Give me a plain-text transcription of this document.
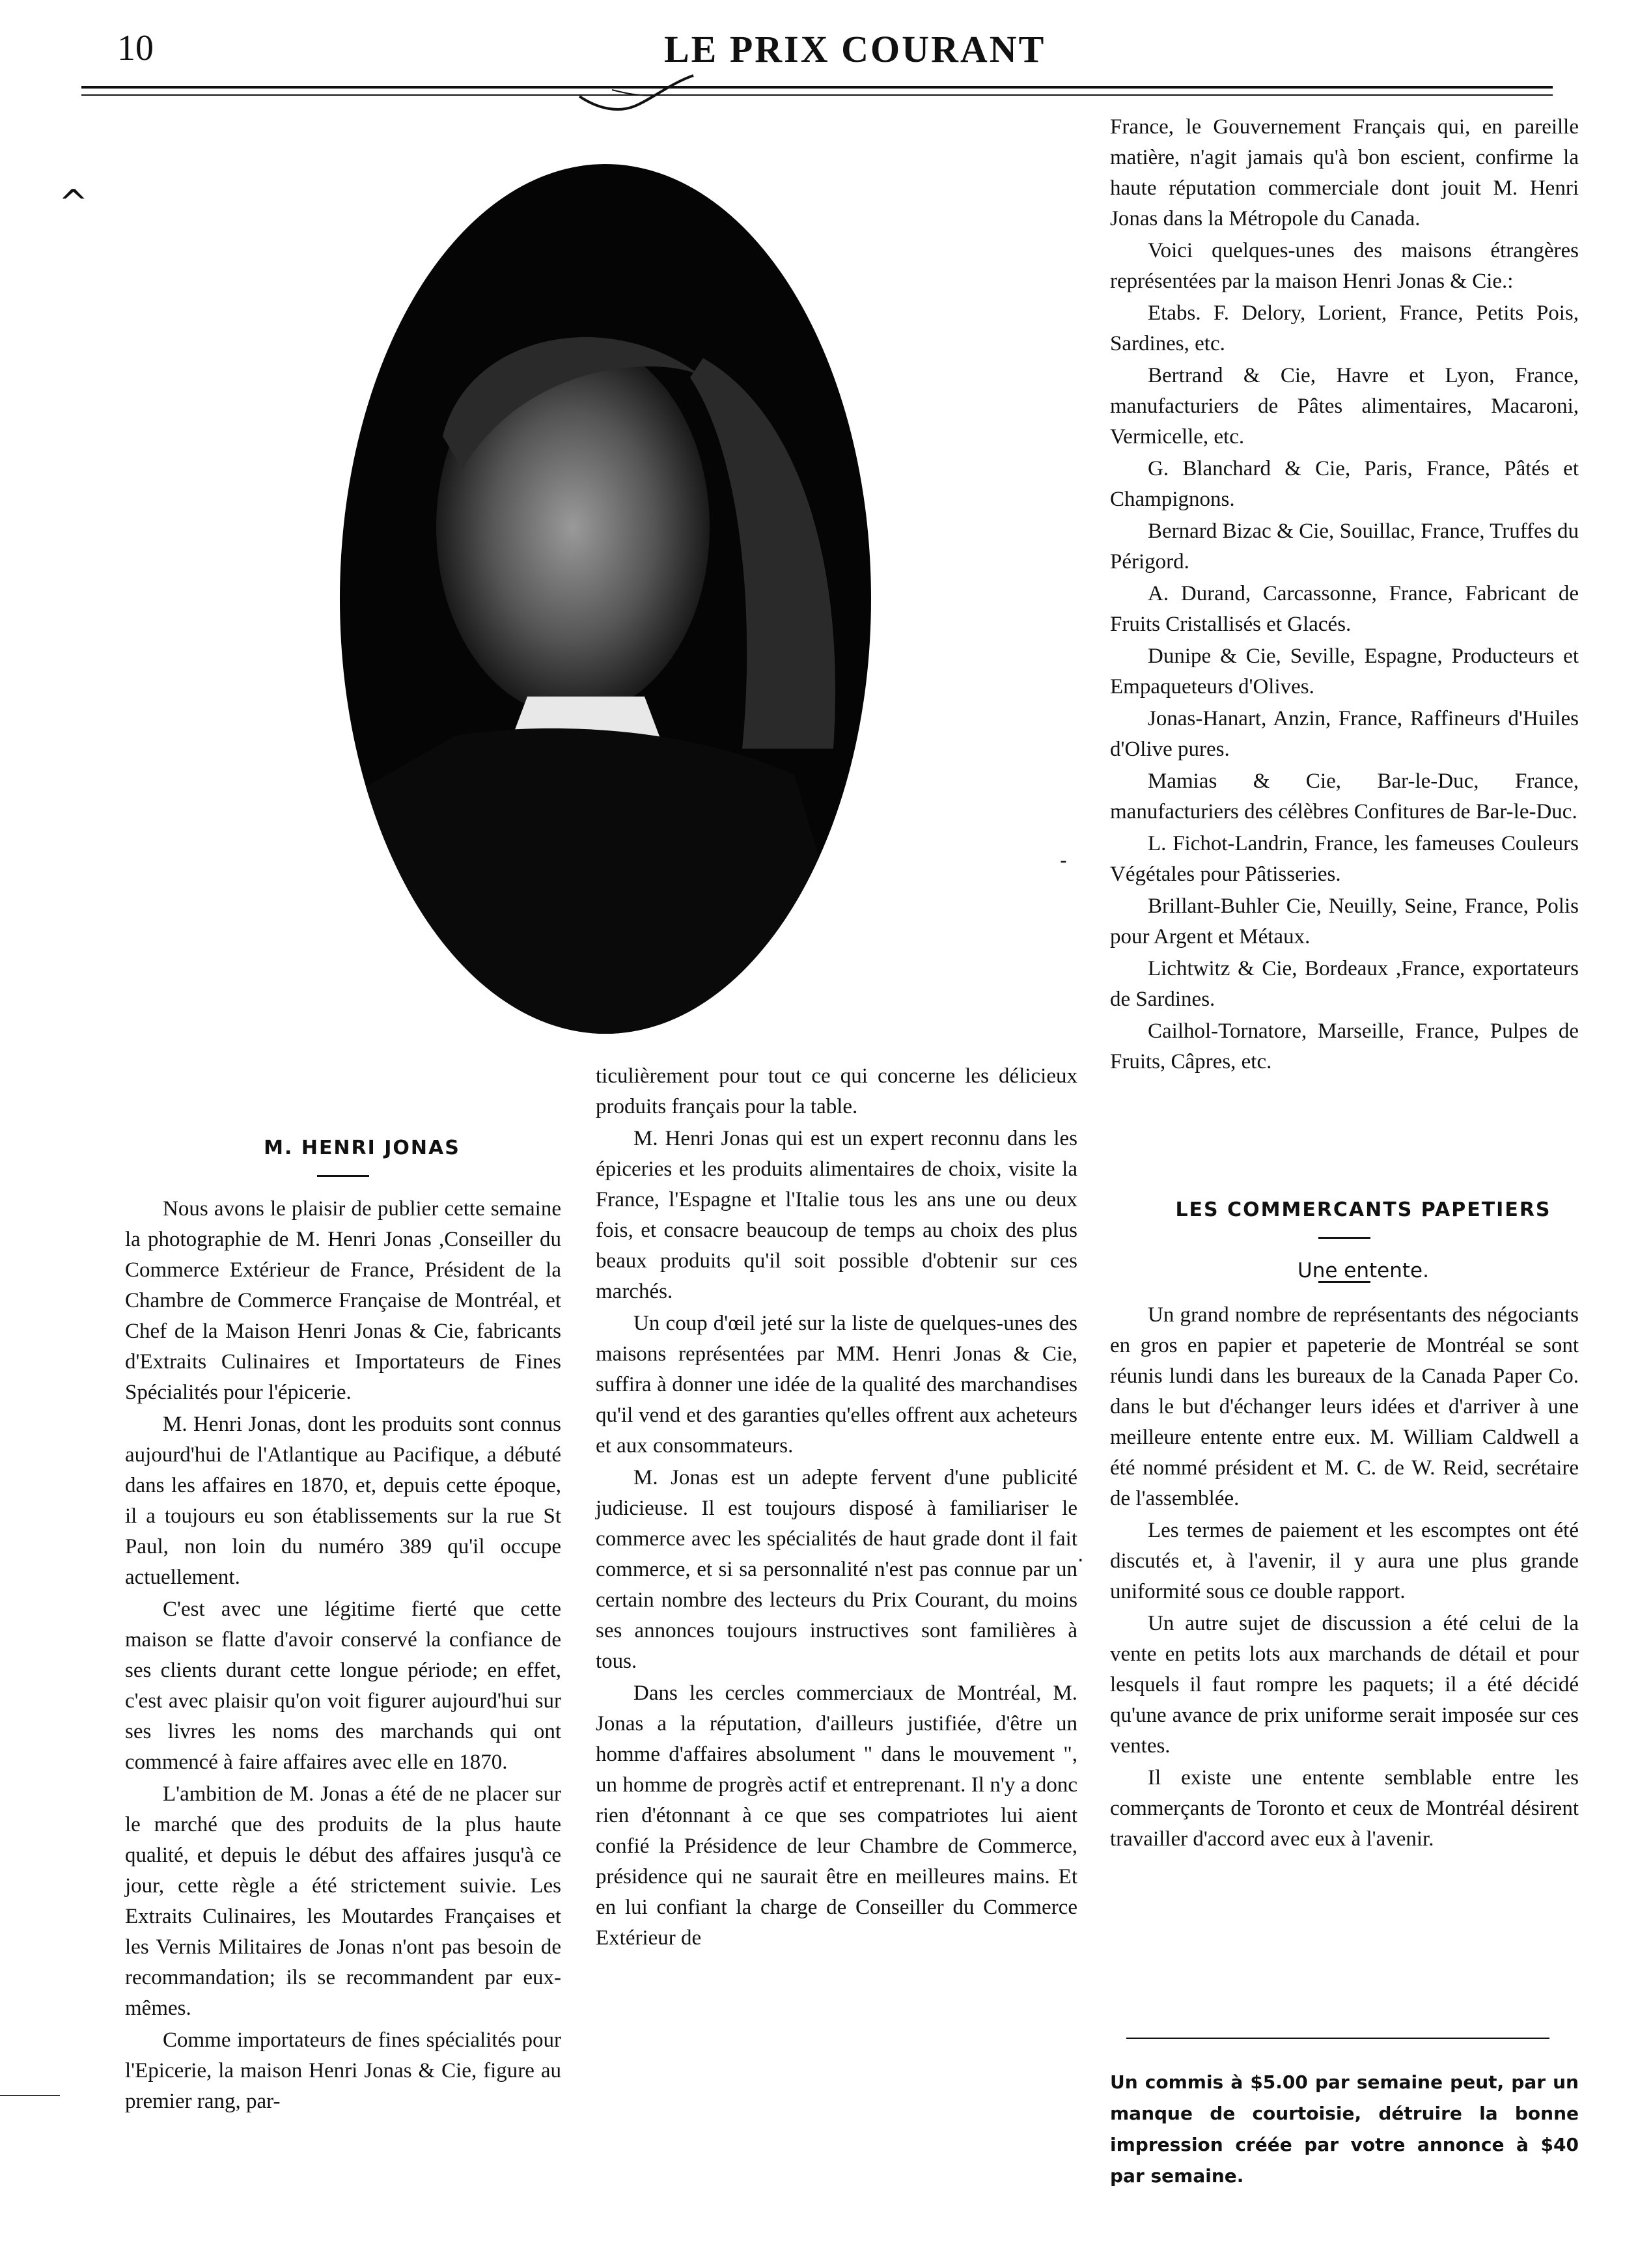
10	LE PRIX COURANT
^
-
·

M. HENRI JONAS

Nous avons le plaisir de publier cette semaine la photographie de M. Henri Jonas ,Conseiller du Commerce Extérieur de France, Président de la Chambre de Commerce Française de Montréal, et Chef de la Maison Henri Jonas & Cie, fabricants d'Extraits Culinaires et Importateurs de Fines Spécialités pour l'épicerie.

M. Henri Jonas, dont les produits sont connus aujourd'hui de l'Atlantique au Pacifique, a débuté dans les affaires en 1870, et, depuis cette époque, il a toujours eu son établissements sur la rue St Paul, non loin du numéro 389 qu'il occupe actuellement.

C'est avec une légitime fierté que cette maison se flatte d'avoir conservé la confiance de ses clients durant cette longue période; en effet, c'est avec plaisir qu'on voit figurer aujourd'hui sur ses livres les noms des marchands qui ont commencé à faire affaires avec elle en 1870.

L'ambition de M. Jonas a été de ne placer sur le marché que des produits de la plus haute qualité, et depuis le début des affaires jusqu'à ce jour, cette règle a été strictement suivie. Les Extraits Culinaires, les Moutardes Françaises et les Vernis Militaires de Jonas n'ont pas besoin de recommandation; ils se recommandent par eux-mêmes.

Comme importateurs de fines spécialités pour l'Epicerie, la maison Henri Jonas & Cie, figure au premier rang, par-

ticulièrement pour tout ce qui concerne les délicieux produits français pour la table.

M. Henri Jonas qui est un expert reconnu dans les épiceries et les produits alimentaires de choix, visite la France, l'Espagne et l'Italie tous les ans une ou deux fois, et consacre beaucoup de temps au choix des plus beaux produits qu'il soit possible d'obtenir sur ces marchés.

Un coup d'œil jeté sur la liste de quelques-unes des maisons représentées par MM. Henri Jonas & Cie, suffira à donner une idée de la qualité des marchandises qu'il vend et des garanties qu'elles offrent aux acheteurs et aux consommateurs.

M. Jonas est un adepte fervent d'une publicité judicieuse. Il est toujours disposé à familiariser le commerce avec les spécialités de haut grade dont il fait commerce, et si sa personnalité n'est pas connue par un certain nombre des lecteurs du Prix Courant, du moins ses annonces toujours instructives sont familières à tous.

Dans les cercles commerciaux de Montréal, M. Jonas a la réputation, d'ailleurs justifiée, d'être un homme d'affaires absolument " dans le mouvement ", un homme de progrès actif et entreprenant. Il n'y a donc rien d'étonnant à ce que ses compatriotes lui aient confié la Présidence de leur Chambre de Commerce, présidence qui ne saurait être en meilleures mains. Et en lui confiant la charge de Conseiller du Commerce Extérieur de

France, le Gouvernement Français qui, en pareille matière, n'agit jamais qu'à bon escient, confirme la haute réputation commerciale dont jouit M. Henri Jonas dans la Métropole du Canada.

Voici quelques-unes des maisons étrangères représentées par la maison Henri Jonas & Cie.:

Etabs. F. Delory, Lorient, France, Petits Pois, Sardines, etc.

Bertrand & Cie, Havre et Lyon, France, manufacturiers de Pâtes alimentaires, Macaroni, Vermicelle, etc.

G. Blanchard & Cie, Paris, France, Pâtés et Champignons.

Bernard Bizac & Cie, Souillac, France, Truffes du Périgord.

A. Durand, Carcassonne, France, Fabricant de Fruits Cristallisés et Glacés.

Dunipe & Cie, Seville, Espagne, Producteurs et Empaqueteurs d'Olives.

Jonas-Hanart, Anzin, France, Raffineurs d'Huiles d'Olive pures.

Mamias & Cie, Bar-le-Duc, France, manufacturiers des célèbres Confitures de Bar-le-Duc.

L. Fichot-Landrin, France, les fameuses Couleurs Végétales pour Pâtisseries.

Brillant-Buhler Cie, Neuilly, Seine, France, Polis pour Argent et Métaux.

Lichtwitz & Cie, Bordeaux ,France, exportateurs de Sardines.

Cailhol-Tornatore, Marseille, France, Pulpes de Fruits, Câpres, etc.

LES COMMERCANTS PAPETIERS

Une entente.

Un grand nombre de représentants des négociants en gros en papier et papeterie de Montréal se sont réunis lundi dans les bureaux de la Canada Paper Co. dans le but d'échanger leurs idées et d'arriver à une meilleure entente entre eux. M. William Caldwell a été nommé président et M. C. de W. Reid, secrétaire de l'assemblée.

Les termes de paiement et les escomptes ont été discutés et, à l'avenir, il y aura une plus grande uniformité sous ce double rapport.

Un autre sujet de discussion a été celui de la vente en petits lots aux marchands de détail et pour lesquels il faut rompre les paquets; il a été décidé qu'une avance de prix uniforme serait imposée sur ces ventes.

Il existe une entente semblable entre les commerçants de Toronto et ceux de Montréal désirent travailler d'accord avec eux à l'avenir.

Un commis à $5.00 par semaine peut, par un manque de courtoisie, détruire la bonne impression créée par votre annonce à $40 par semaine.
